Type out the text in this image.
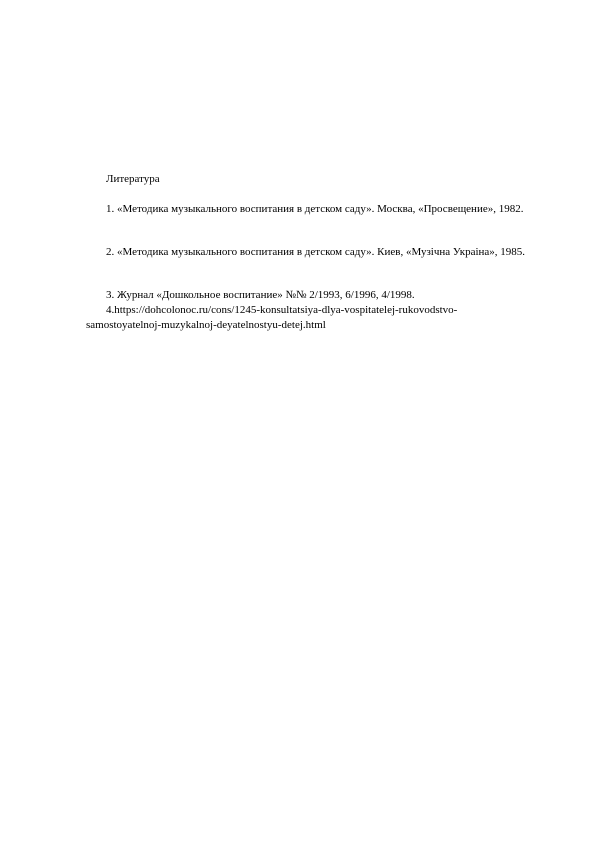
Литература
1. «Методика музыкального воспитания в детском саду». Москва, «Просвещение», 1982.
2. «Методика музыкального воспитания в детском саду». Киев, «Музiчна Украiна», 1985.
3. Журнал «Дошкольное воспитание» №№ 2/1993, 6/1996, 4/1998.
4.https://dohcolonoc.ru/cons/1245-konsultatsiya-dlya-vospitatelej-rukovodstvo-
samostoyatelnoj-muzykalnoj-deyatelnostyu-detej.html
